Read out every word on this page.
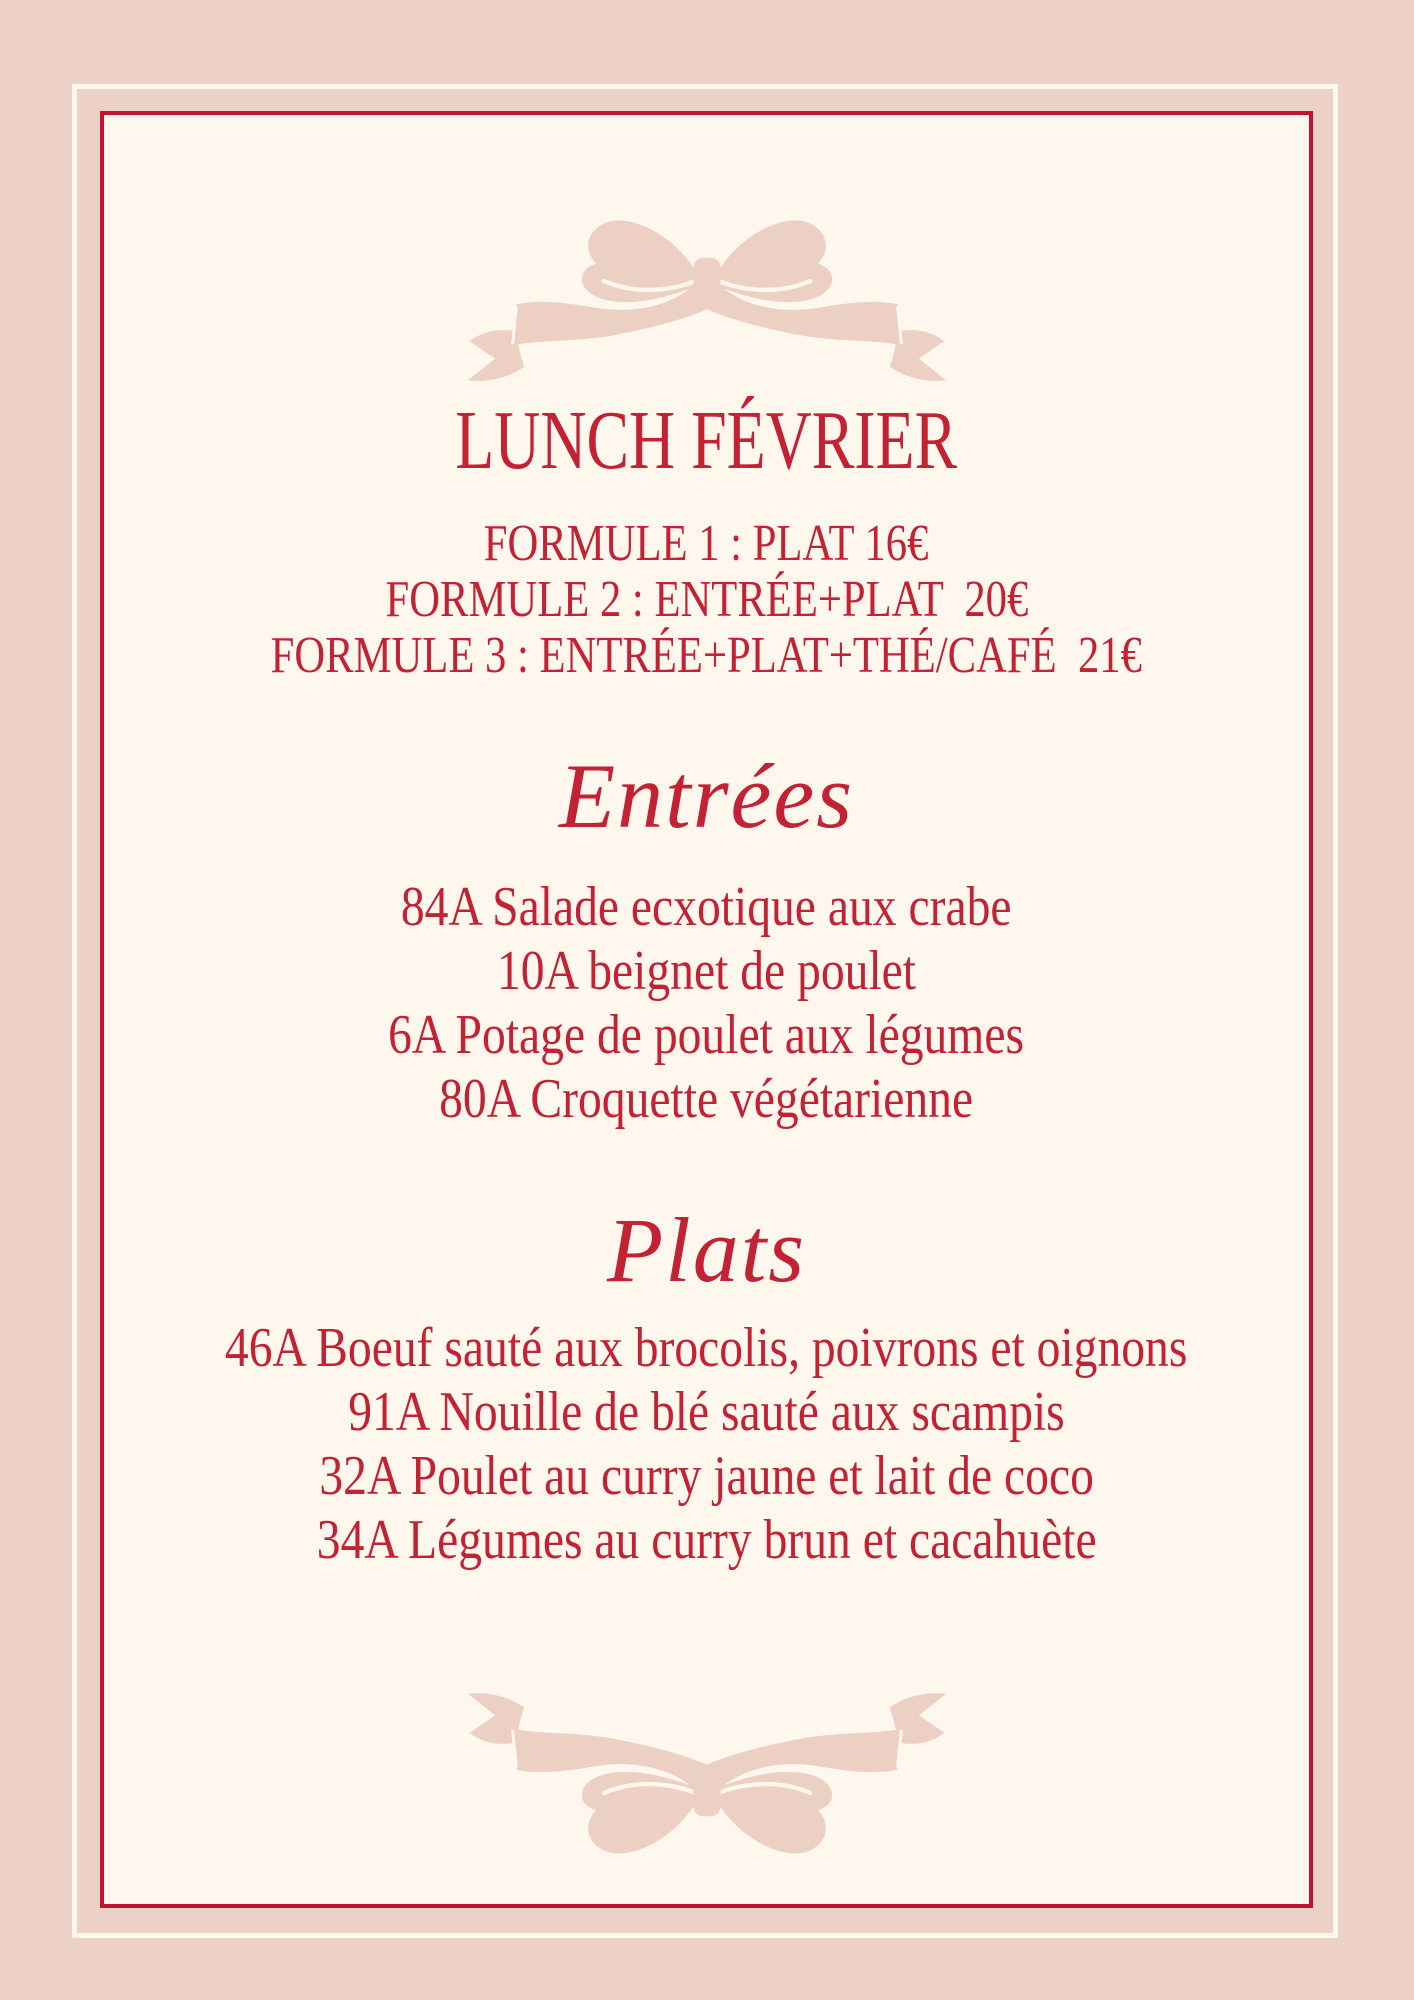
LUNCH FÉVRIER
FORMULE 1 : PLAT 16€
FORMULE 2 : ENTRÉE+PLAT  20€
FORMULE 3 : ENTRÉE+PLAT+THÉ/CAFÉ  21€
Entrées
84A Salade ecxotique aux crabe
10A beignet de poulet
6A Potage de poulet aux légumes
80A Croquette végétarienne
Plats
46A Boeuf sauté aux brocolis, poivrons et oignons
91A Nouille de blé sauté aux scampis
32A Poulet au curry jaune et lait de coco
34A Légumes au curry brun et cacahuète
